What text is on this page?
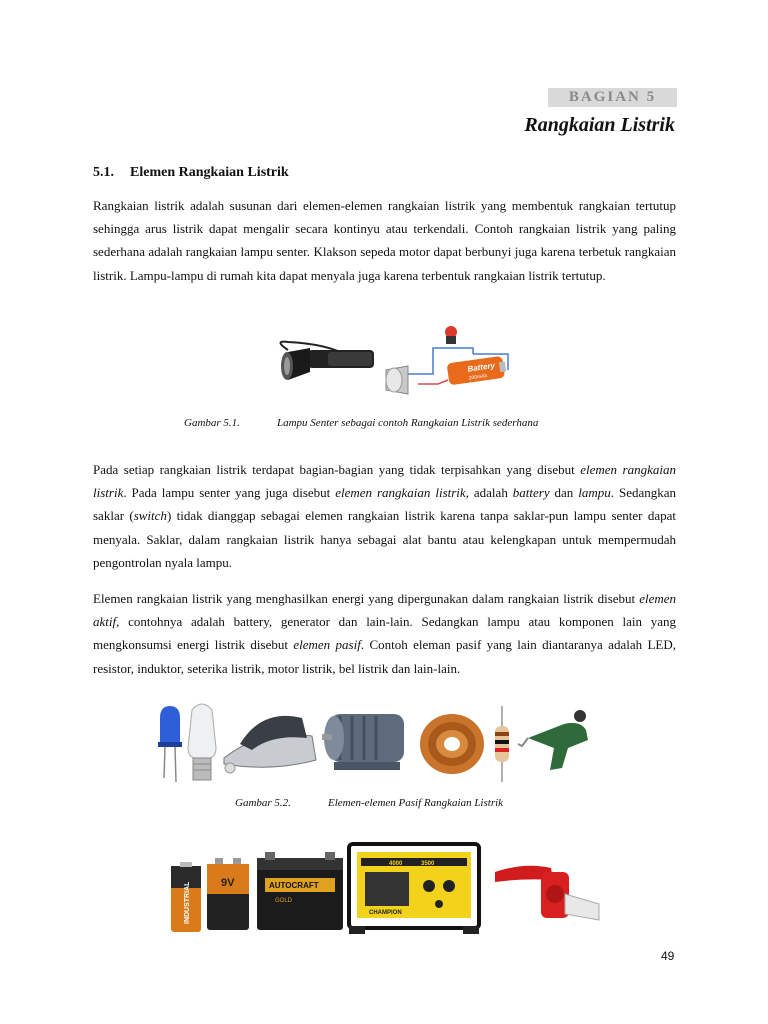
BAGIAN 5
Rangkaian Listrik
5.1. Elemen Rangkaian Listrik

Rangkaian listrik adalah susunan dari elemen-elemen rangkaian listrik yang membentuk rangkaian tertutup sehingga arus listrik dapat mengalir secara kontinyu atau terkendali. Contoh rangkaian listrik yang paling sederhana adalah rangkaian lampu senter. Klakson sepeda motor dapat berbunyi juga karena terbetuk rangkaian listrik. Lampu-lampu di rumah kita dapat menyala juga karena terbentuk rangkaian listrik tertutup.

Battery
200mAh
Gambar 5.1.	Lampu Senter sebagai contoh Rangkaian Listrik sederhana

Pada setiap rangkaian listrik terdapat bagian-bagian yang tidak terpisahkan yang disebut elemen rangkaian listrik. Pada lampu senter yang juga disebut elemen rangkaian listrik, adalah battery dan lampu. Sedangkan saklar (switch) tidak dianggap sebagai elemen rangkaian listrik karena tanpa saklar-pun lampu senter dapat menyala. Saklar, dalam rangkaian listrik hanya sebagai alat bantu atau kelengkapan untuk mempermudah pengontrolan nyala lampu.

Elemen rangkaian listrik yang menghasilkan energi yang dipergunakan dalam rangkaian listrik disebut elemen aktif, contohnya adalah battery, generator dan lain-lain. Sedangkan lampu atau komponen lain yang mengkonsumsi energi listrik disebut elemen pasif. Contoh eleman pasif yang lain diantaranya adalah LED, resistor, induktor, seterika listrik, motor listrik, bel listrik dan lain-lain.

Gambar 5.2.	Elemen-elemen Pasif Rangkaian Listrik
INDUSTRIAL	9V	AUTOCRAFT
GOLD
4000	3500
CHAMPION
49
